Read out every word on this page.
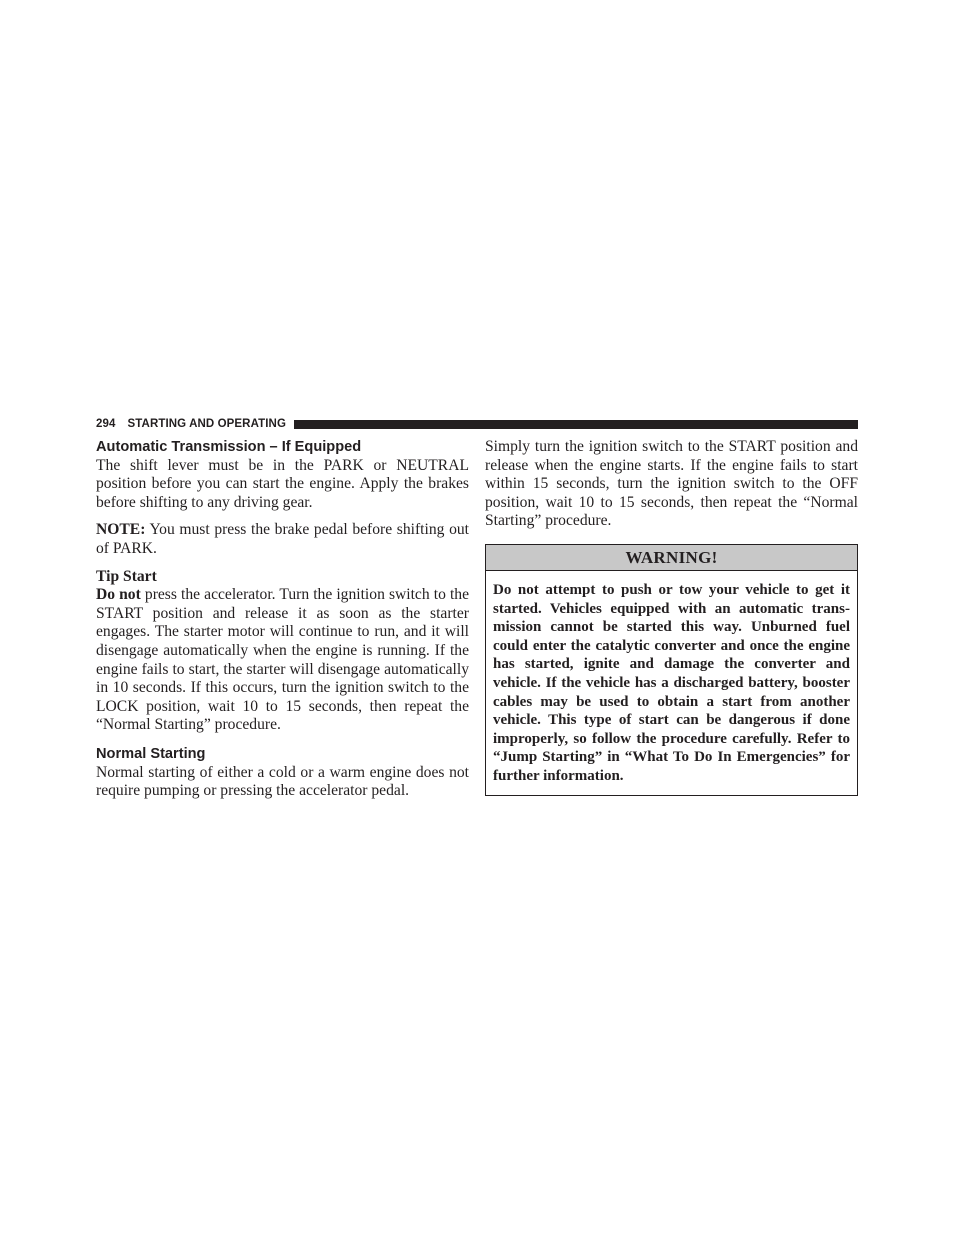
294 STARTING AND OPERATING
Automatic Transmission – If Equipped

The shift lever must be in the PARK or NEUTRAL position before you can start the engine. Apply the brakes before shifting to any driving gear.

NOTE: You must press the brake pedal before shifting out of PARK.

Tip Start

Do not press the accelerator. Turn the ignition switch to the START position and release it as soon as the starter engages. The starter motor will continue to run, and it will disengage automatically when the engine is running. If the engine fails to start, the starter will disengage automatically in 10 seconds. If this occurs, turn the ignition switch to the LOCK position, wait 10 to 15 seconds, then repeat the “Normal Starting” procedure.

Normal Starting

Normal starting of either a cold or a warm engine does not require pumping or pressing the accelerator pedal.

Simply turn the ignition switch to the START position and release when the engine starts. If the engine fails to start within 15 seconds, turn the ignition switch to the OFF position, wait 10 to 15 seconds, then repeat the “Normal Starting” procedure.

WARNING!
Do not attempt to push or tow your vehicle to get it started. Vehicles equipped with an automatic transmission cannot be started this way. Unburned fuel could enter the catalytic converter and once the engine has started, ignite and damage the converter and vehicle. If the vehicle has a discharged battery, booster cables may be used to obtain a start from another vehicle. This type of start can be dangerous if done improperly, so follow the procedure carefully. Refer to “Jump Starting” in “What To Do In Emergencies” for further information.
